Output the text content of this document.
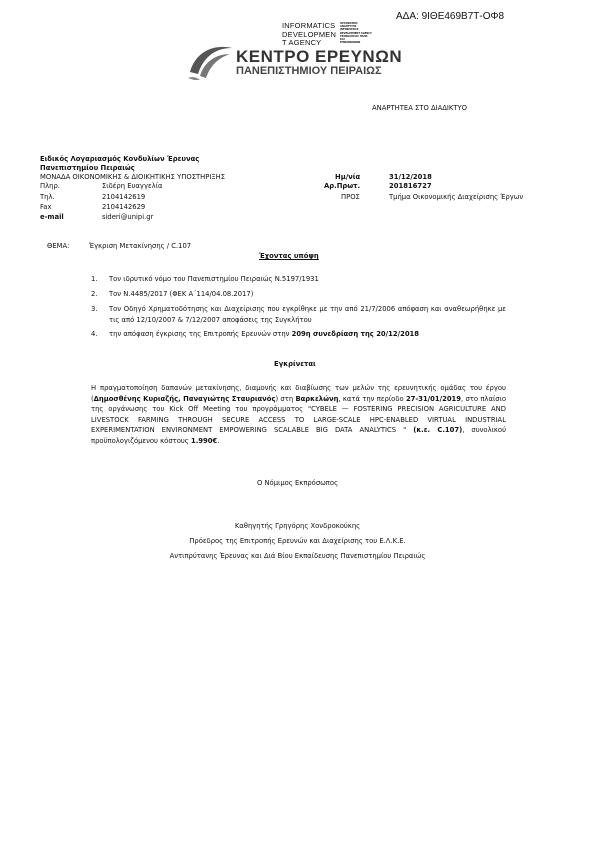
ΑΔΑ: 9ΙΘΕ469Β7Τ-ΟΦ8
INFORMATICS
DEVELOPMEN
T AGENCY
ΟΡΓΑΝΙΣΜΟΣ
ΑΝΑΠΤΥΞΗΣ
INFORMATICS
DEVELOPMENT AGENCY
ΤΕΧΝΟΛΟΓΙΑΣ ΠΛΗΡ.
ΚΑΙ
ΕΠΙΚΟΙΝΩΝΙΩΝ
ΚΕΝΤΡΟ ΕΡΕΥΝΩΝ
ΠΑΝΕΠΙΣΤΗΜΙΟΥ ΠΕΙΡΑΙΩΣ
ΑΝΑΡΤΗΤΕΑ ΣΤΟ ΔΙΑΔΙΚΤΥΟ
Ειδικός Λογαριασμός Κονδυλίων Έρευνας
Πανεπιστημίου Πειραιώς
ΜΟΝΑΔΑ ΟΙΚΟΝΟΜΙΚΗΣ & ΔΙΟΙΚΗΤΙΚΗΣ ΥΠΟΣΤΗΡΙΞΗΣ
Πληρ.	Σιδέρη Ευαγγελία
Τηλ.	2104142619
Fax	2104142629
e-mail	sideri@unipi.gr
Ημ/νία	31/12/2018
Αρ.Πρωτ.	201816727
ΠΡΟΣ	Τμήμα Οικονομικής Διαχείρισης Έργων
ΘΕΜΑ:	Έγκριση Μετακίνησης / C.107
Έχοντας υπόψη
1. Τον ιδρυτικό νόμο του Πανεπιστημίου Πειραιώς Ν.5197/1931
2. Τον Ν.4485/2017 (ΦΕΚ Α΄114/04.08.2017)
3. Τον Οδηγό Χρηματοδότησης και Διαχείρισης που εγκρίθηκε με την από 21/7/2006 απόφαση και αναθεωρήθηκε με τις από 12/10/2007 & 7/12/2007 αποφάσεις της Συγκλήτου
4. την απόφαση έγκρισης της Επιτροπής Ερευνών στην 209η συνεδρίαση της 20/12/2018
Εγκρίνεται
Η πραγματοποίηση δαπανών μετακίνησης, διαμονής και διαβίωσης των μελών της ερευνητικής ομάδας του έργου (Δημοσθένης Κυριαζής, Παναγιώτης Σταυριανός) στη Βαρκελώνη, κατά την περίοδο 27-31/01/2019, στο πλαίσιο της οργάνωσης του Kick Off Meeting του προγράμματος "CYBELE — FOSTERING PRECISION AGRICULTURE AND LIVESTOCK FARMING THROUGH SECURE ACCESS TO LARGE-SCALE HPC-ENABLED VIRTUAL INDUSTRIAL EXPERIMENTATION ENVIRONMENT EMPOWERING SCALABLE BIG DATA ANALYTICS " (κ.ε. C.107), συνολικού προϋπολογιζόμενου κόστους 1.990€.
Ο Νόμιμος Εκπρόσωπος
Καθηγητής Γρηγόρης Χονδροκούκης
Πρόεδρος της Επιτροπής Ερευνών και Διαχείρισης του Ε.Λ.Κ.Ε.
Αντιπρύτανης Έρευνας και Διά Βίου Εκπαίδευσης Πανεπιστημίου Πειραιώς
